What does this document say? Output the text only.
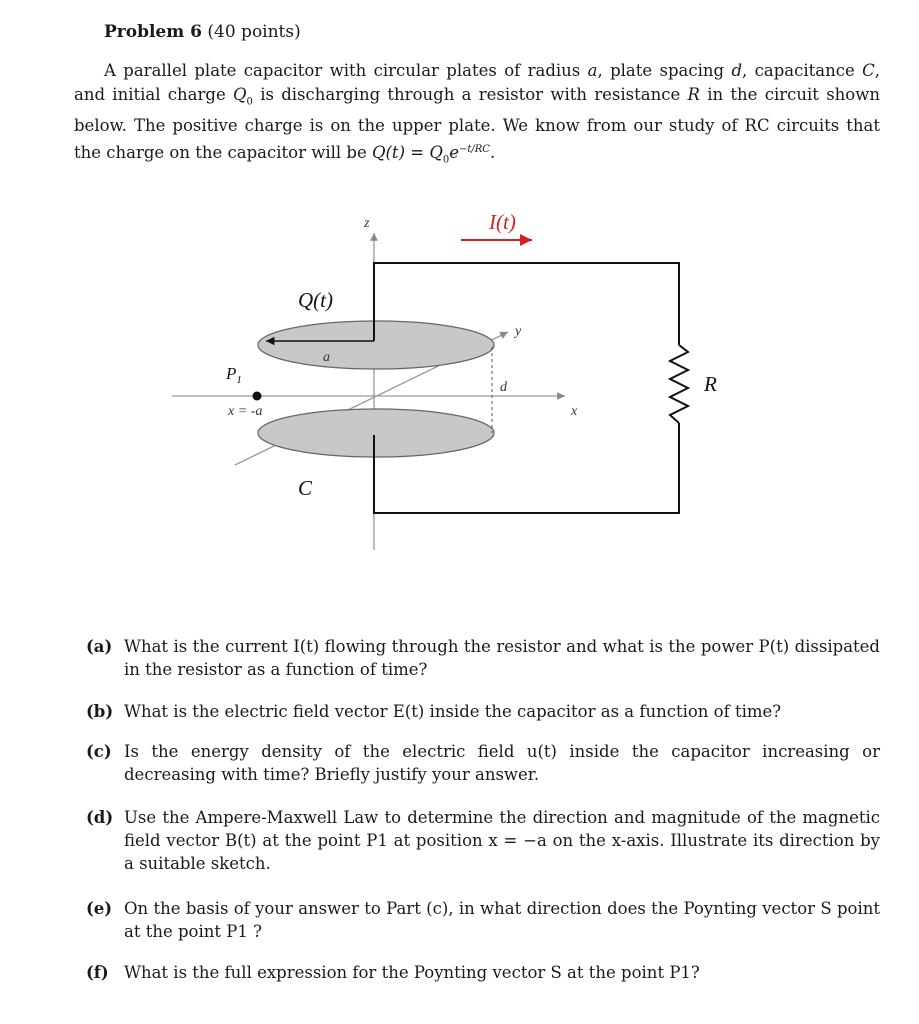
Problem 6 (40 points)
A parallel plate capacitor with circular plates of radius a, plate spacing d, capacitance C, and initial charge $Q_0$ is discharging through a resistor with resistance R in the circuit shown below. The positive charge is on the upper plate. We know from our study of RC circuits that the charge on the capacitor will be $Q(t) = Q_0e^{-t/RC}$.
z
y
x
a
d	R
I(t)
Q(t)
$P_1$
x = -a
C
(a) What is the current I(t) flowing through the resistor and what is the power P(t) dissipated in the resistor as a function of time?
(b) What is the electric field vector E(t) inside the capacitor as a function of time?
(c) Is the energy density of the electric field u(t) inside the capacitor increasing or decreasing with time? Briefly justify your answer.
(d) Use the Ampere-Maxwell Law to determine the direction and magnitude of the magnetic field vector B(t) at the point P1 at position x = −a on the x-axis. Illustrate its direction by a suitable sketch.
(e) On the basis of your answer to Part (c), in what direction does the Poynting vector S point at the point P1 ?
(f) What is the full expression for the Poynting vector S at the point P1?
